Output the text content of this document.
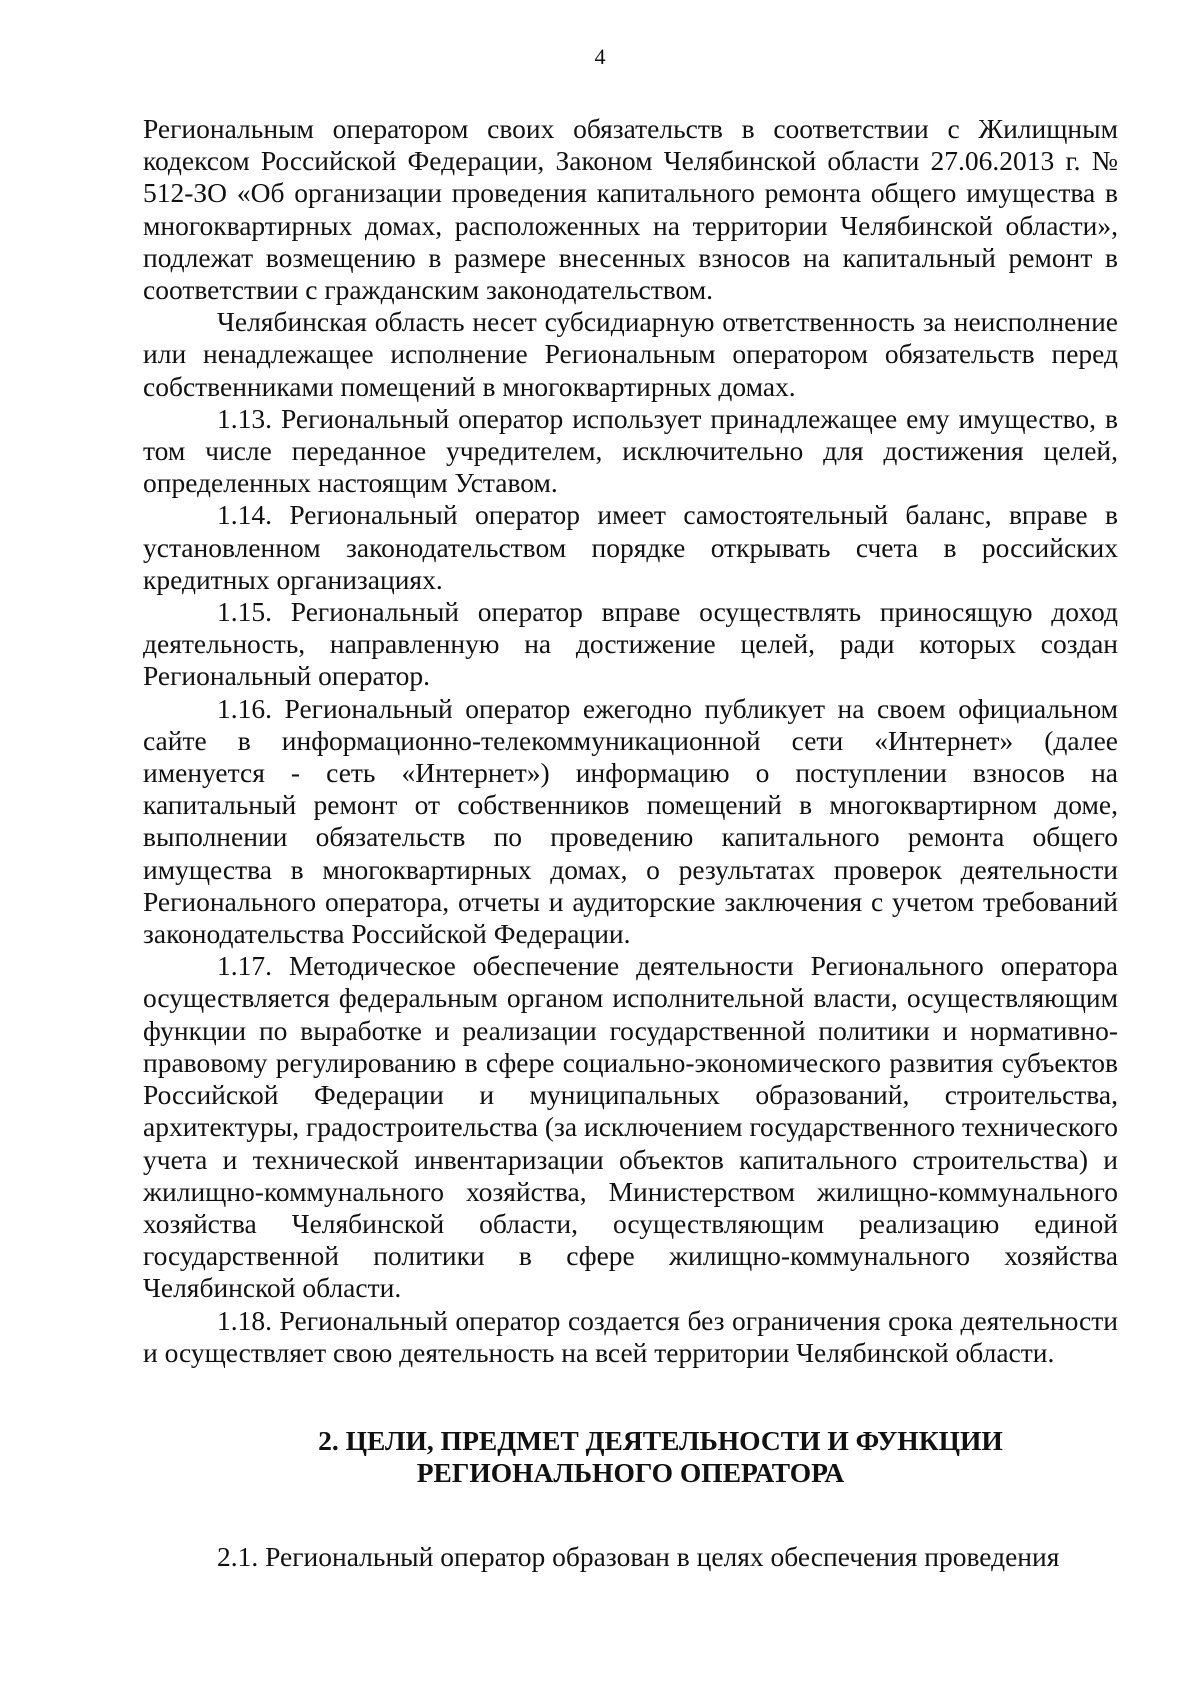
4

Региональным оператором своих обязательств в соответствии с Жилищным кодексом Российской Федерации, Законом Челябинской области 27.06.2013 г. № 512-ЗО «Об организации проведения капитального ремонта общего имущества в многоквартирных домах, расположенных на территории Челябинской области», подлежат возмещению в размере внесенных взносов на капитальный ремонт в соответствии с гражданским законодательством.

Челябинская область несет субсидиарную ответственность за неисполнение или ненадлежащее исполнение Региональным оператором обязательств перед собственниками помещений в многоквартирных домах.

1.13. Региональный оператор использует принадлежащее ему имущество, в том числе переданное учредителем, исключительно для достижения целей, определенных настоящим Уставом.

1.14. Региональный оператор имеет самостоятельный баланс, вправе в установленном законодательством порядке открывать счета в российских кредитных организациях.

1.15. Региональный оператор вправе осуществлять приносящую доход деятельность, направленную на достижение целей, ради которых создан Региональный оператор.

1.16. Региональный оператор ежегодно публикует на своем официальном сайте в информационно-телекоммуникационной сети «Интернет» (далее именуется - сеть «Интернет») информацию о поступлении взносов на капитальный ремонт от собственников помещений в многоквартирном доме, выполнении обязательств по проведению капитального ремонта общего имущества в многоквартирных домах, о результатах проверок деятельности Регионального оператора, отчеты и аудиторские заключения с учетом требований законодательства Российской Федерации.

1.17. Методическое обеспечение деятельности Регионального оператора осуществляется федеральным органом исполнительной власти, осуществляющим функции по выработке и реализации государственной политики и нормативно-правовому регулированию в сфере социально-экономического развития субъектов Российской Федерации и муниципальных образований, строительства, архитектуры, градостроительства (за исключением государственного технического учета и технической инвентаризации объектов капитального строительства) и жилищно-коммунального хозяйства, Министерством жилищно-коммунального хозяйства Челябинской области, осуществляющим реализацию единой государственной политики в сфере жилищно-коммунального хозяйства Челябинской области.

1.18. Региональный оператор создается без ограничения срока деятельности и осуществляет свою деятельность на всей территории Челябинской области.

2. ЦЕЛИ, ПРЕДМЕТ ДЕЯТЕЛЬНОСТИ И ФУНКЦИИ
РЕГИОНАЛЬНОГО ОПЕРАТОРА

2.1. Региональный оператор образован в целях обеспечения проведения
